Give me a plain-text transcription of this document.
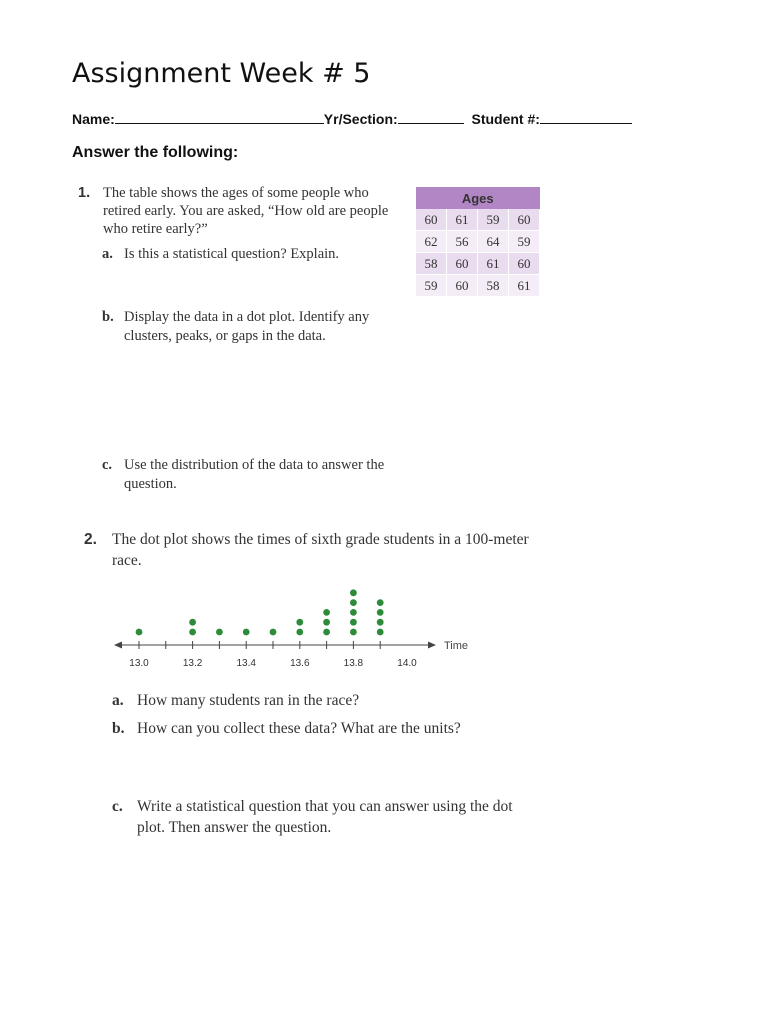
Assignment Week # 5
Name:	Yr/Section:	Student #:
Answer the following:
1. The table shows the ages of some people who retired early. You are asked, “How old are people who retire early?”
a. Is this a statistical question? Explain.
b. Display the data in a dot plot. Identify any clusters, peaks, or gaps in the data.
c. Use the distribution of the data to answer the question.
Ages			
60	61	59	60
62	56	64	59
58	60	61	60
59	60	58	61
2. The dot plot shows the times of sixth grade students in a 100-meter race.
13.0	13.2	13.4	13.6	13.8	14.0
Time
a. How many students ran in the race?
b. How can you collect these data? What are the units?
c. Write a statistical question that you can answer using the dot
plot. Then answer the question.
